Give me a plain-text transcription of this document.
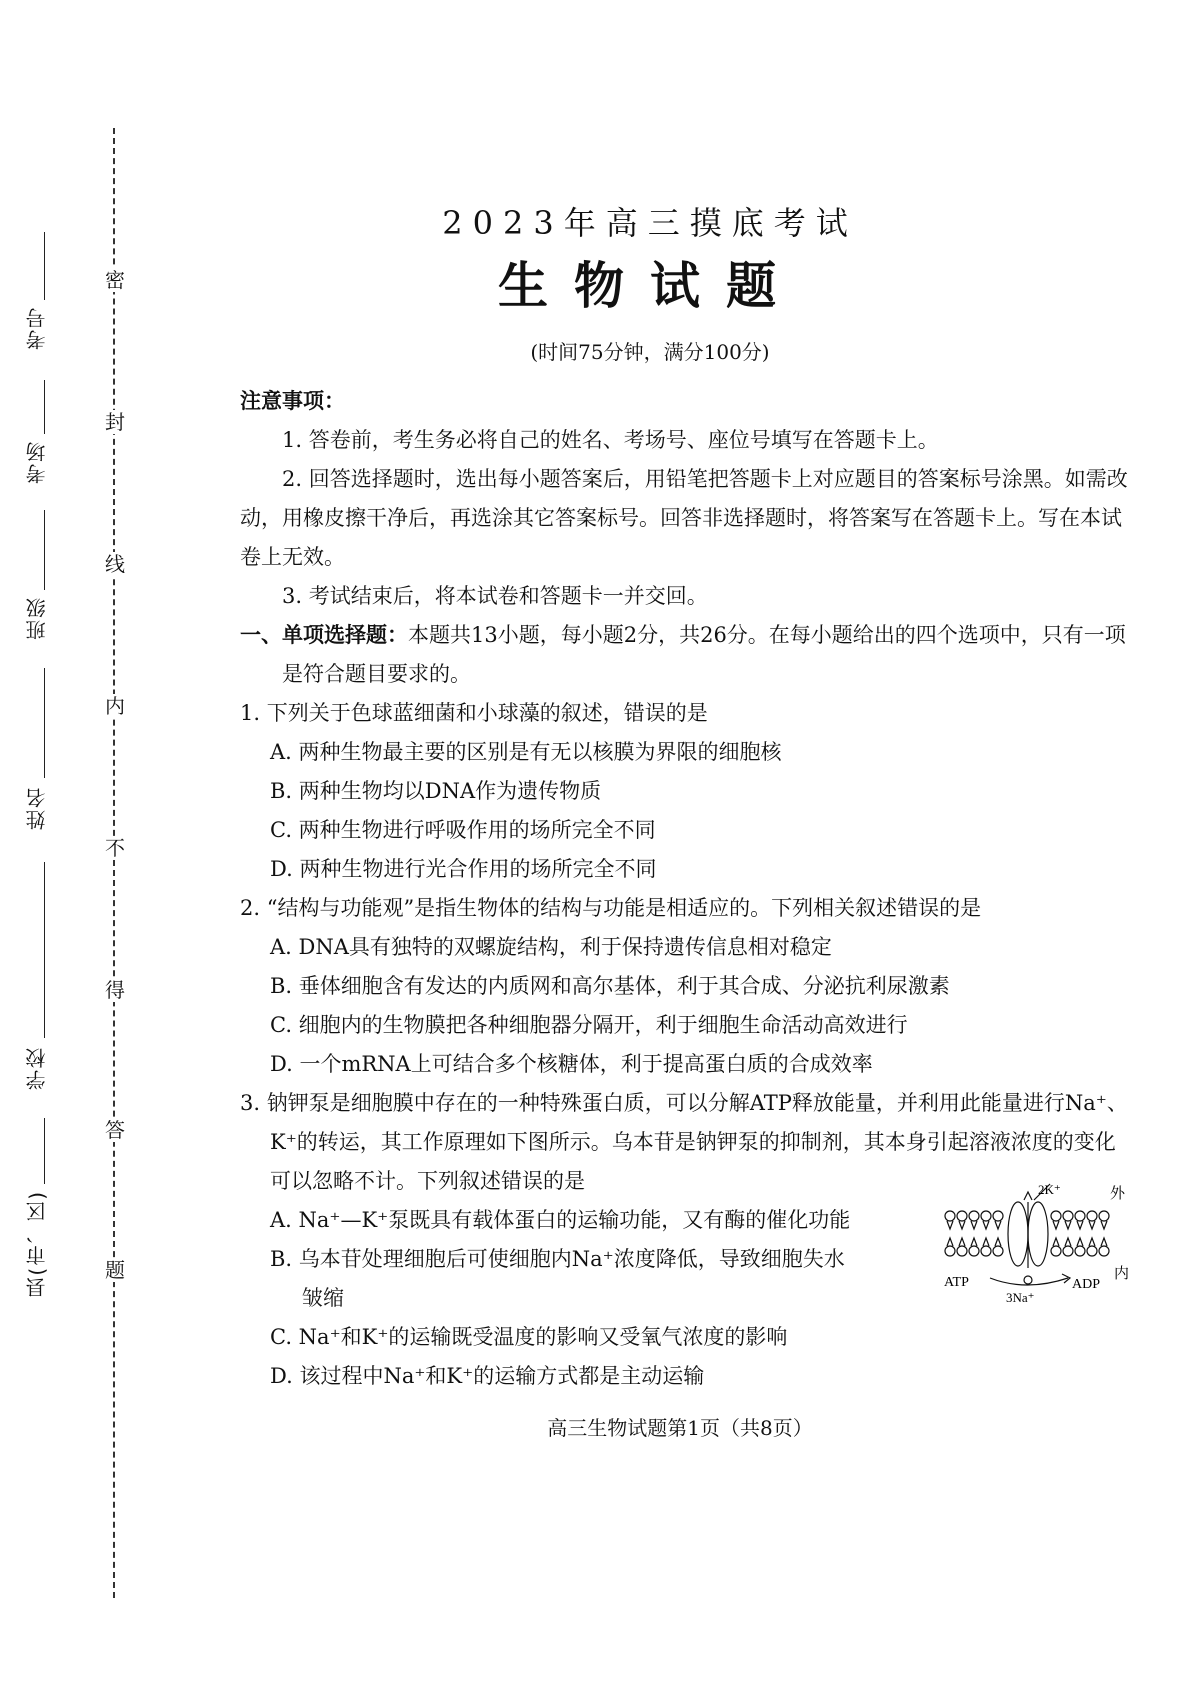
密
封
线
内
不
得
答
题
考号
考场
班级
姓名
学校
县(市、区)
2023年高三摸底考试
生物试题
(时间75分钟，满分100分)
注意事项：
1. 答卷前，考生务必将自己的姓名、考场号、座位号填写在答题卡上。
2. 回答选择题时，选出每小题答案后，用铅笔把答题卡上对应题目的答案标号涂黑。如需改动，用橡皮擦干净后，再选涂其它答案标号。回答非选择题时，将答案写在答题卡上。写在本试卷上无效。
3. 考试结束后，将本试卷和答题卡一并交回。
一、单项选择题：本题共13小题，每小题2分，共26分。在每小题给出的四个选项中，只有一项是符合题目要求的。
1. 下列关于色球蓝细菌和小球藻的叙述，错误的是
A. 两种生物最主要的区别是有无以核膜为界限的细胞核
B. 两种生物均以DNA作为遗传物质
C. 两种生物进行呼吸作用的场所完全不同
D. 两种生物进行光合作用的场所完全不同
2. “结构与功能观”是指生物体的结构与功能是相适应的。下列相关叙述错误的是
A. DNA具有独特的双螺旋结构，利于保持遗传信息相对稳定
B. 垂体细胞含有发达的内质网和高尔基体，利于其合成、分泌抗利尿激素
C. 细胞内的生物膜把各种细胞器分隔开，利于细胞生命活动高效进行
D. 一个mRNA上可结合多个核糖体，利于提高蛋白质的合成效率
3. 钠钾泵是细胞膜中存在的一种特殊蛋白质，可以分解ATP释放能量，并利用此能量进行Na⁺、K⁺的转运，其工作原理如下图所示。乌本苷是钠钾泵的抑制剂，其本身引起溶液浓度的变化可以忽略不计。下列叙述错误的是
A. Na⁺—K⁺泵既具有载体蛋白的运输功能，又有酶的催化功能
B. 乌本苷处理细胞后可使细胞内Na⁺浓度降低，导致细胞失水皱缩
C. Na⁺和K⁺的运输既受温度的影响又受氧气浓度的影响
D. 该过程中Na⁺和K⁺的运输方式都是主动运输
2K⁺	外
内
ATP	ADP
3Na⁺
高三生物试题第1页（共8页）
